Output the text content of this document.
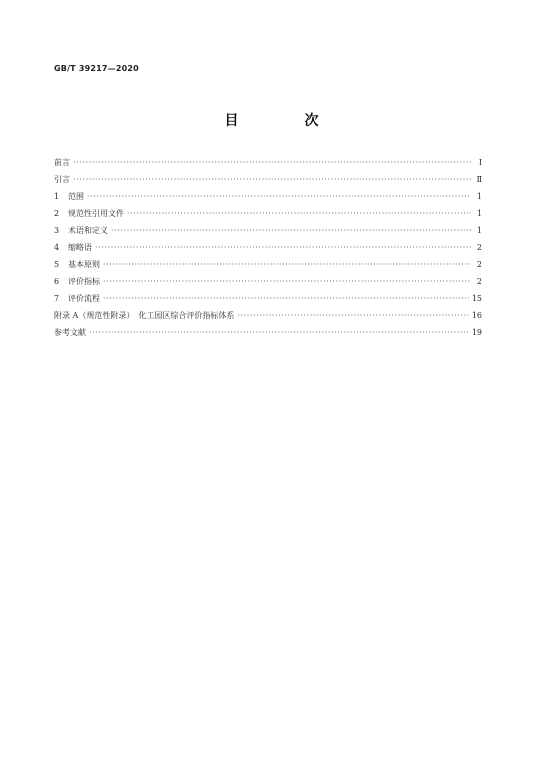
GB/T 39217—2020
目　次
前言 ·····	Ⅰ
引言 ·····	Ⅱ
1	范围 ·····	1
2	规范性引用文件 ·····	1
3	术语和定义 ·····	1
4	缩略语 ·····	2
5	基本原则 ·····	2
6	评价指标 ·····	2
7	评价流程 ·····	15
附录 A（规范性附录）　化工园区综合评价指标体系 ·····	16
参考文献 ·····	19
